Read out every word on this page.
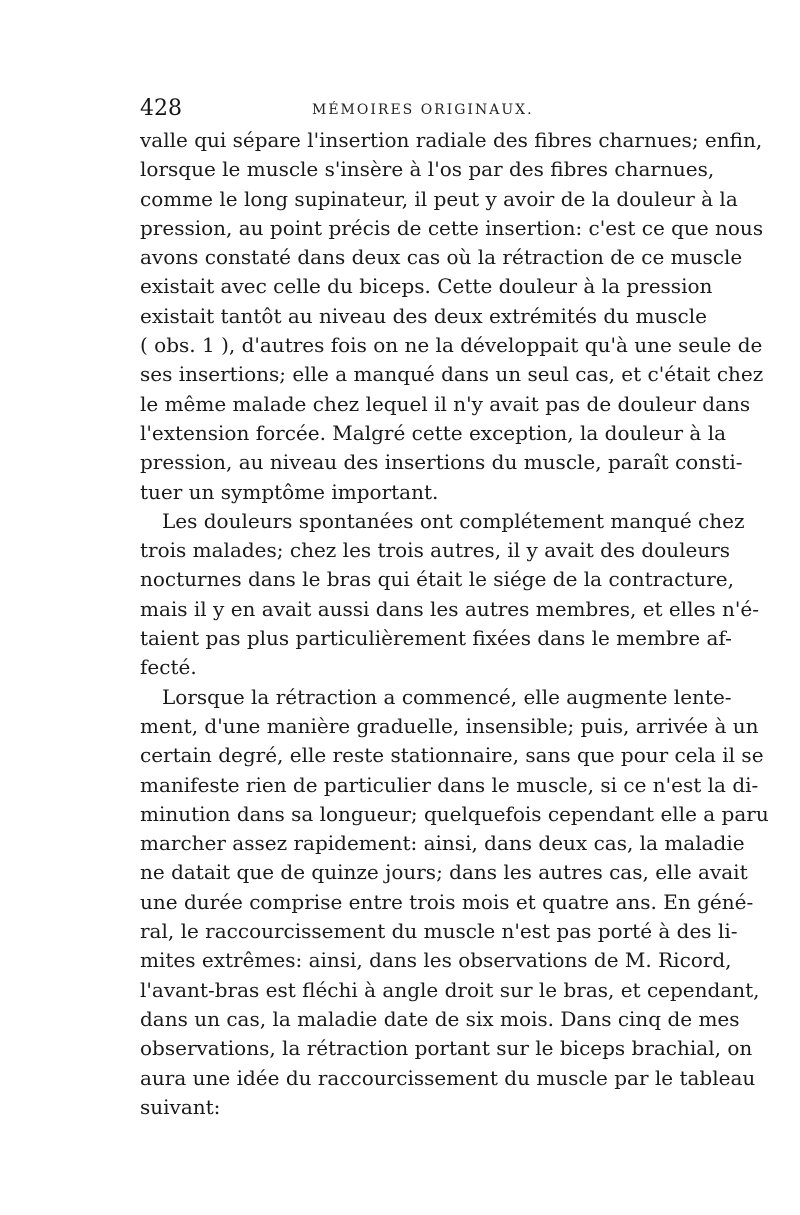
428	MÉMOIRES ORIGINAUX.
valle qui sépare l'insertion radiale des fibres charnues; enfin,
lorsque le muscle s'insère à l'os par des fibres charnues,
comme le long supinateur, il peut y avoir de la douleur à la
pression, au point précis de cette insertion: c'est ce que nous
avons constaté dans deux cas où la rétraction de ce muscle
existait avec celle du biceps. Cette douleur à la pression
existait tantôt au niveau des deux extrémités du muscle
( obs. 1 ), d'autres fois on ne la développait qu'à une seule de
ses insertions; elle a manqué dans un seul cas, et c'était chez
le même malade chez lequel il n'y avait pas de douleur dans
l'extension forcée. Malgré cette exception, la douleur à la
pression, au niveau des insertions du muscle, paraît consti-
tuer un symptôme important.
Les douleurs spontanées ont complétement manqué chez
trois malades; chez les trois autres, il y avait des douleurs
nocturnes dans le bras qui était le siége de la contracture,
mais il y en avait aussi dans les autres membres, et elles n'é-
taient pas plus particulièrement fixées dans le membre af-
fecté.
Lorsque la rétraction a commencé, elle augmente lente-
ment, d'une manière graduelle, insensible; puis, arrivée à un
certain degré, elle reste stationnaire, sans que pour cela il se
manifeste rien de particulier dans le muscle, si ce n'est la di-
minution dans sa longueur; quelquefois cependant elle a paru
marcher assez rapidement: ainsi, dans deux cas, la maladie
ne datait que de quinze jours; dans les autres cas, elle avait
une durée comprise entre trois mois et quatre ans. En géné-
ral, le raccourcissement du muscle n'est pas porté à des li-
mites extrêmes: ainsi, dans les observations de M. Ricord,
l'avant-bras est fléchi à angle droit sur le bras, et cependant,
dans un cas, la maladie date de six mois. Dans cinq de mes
observations, la rétraction portant sur le biceps brachial, on
aura une idée du raccourcissement du muscle par le tableau
suivant:
